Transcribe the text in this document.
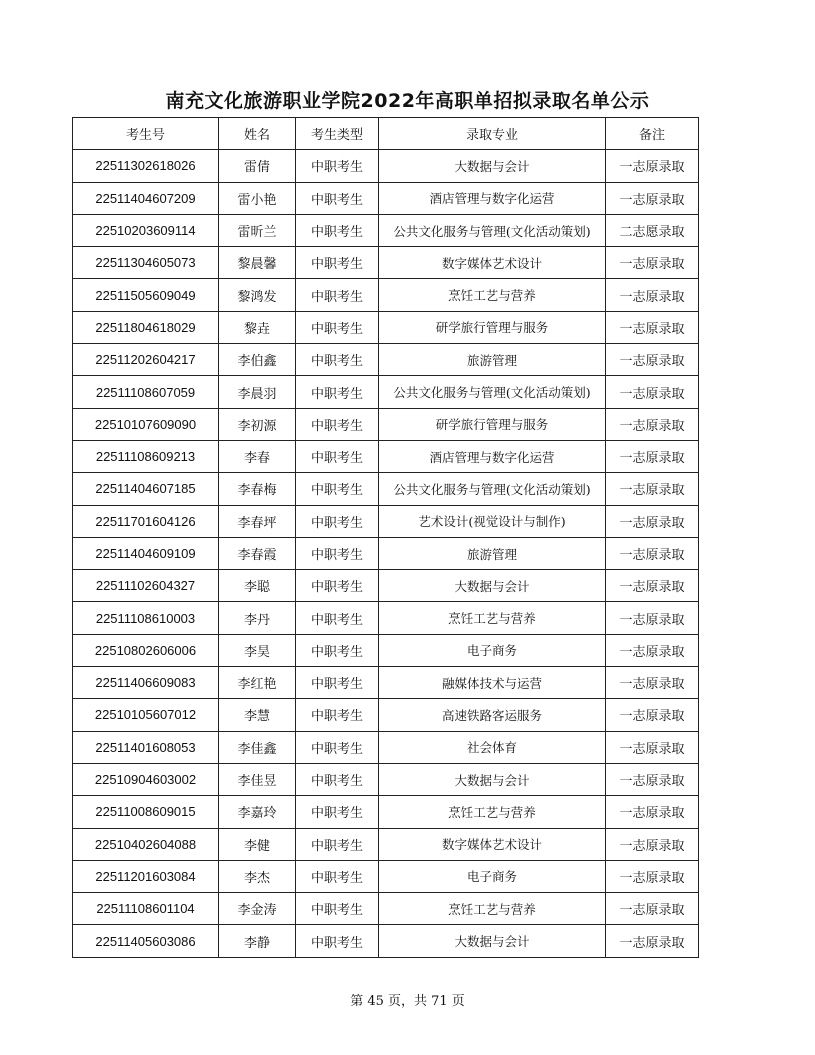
南充文化旅游职业学院2022年高职单招拟录取名单公示
考生号	姓名	考生类型	录取专业	备注
22511302618026	雷倩	中职考生	大数据与会计	一志原录取
22511404607209	雷小艳	中职考生	酒店管理与数字化运营	一志原录取
22510203609114	雷昕兰	中职考生	公共文化服务与管理(文化活动策划)	二志愿录取
22511304605073	黎晨馨	中职考生	数字媒体艺术设计	一志原录取
22511505609049	黎鸿发	中职考生	烹饪工艺与营养	一志原录取
22511804618029	黎垚	中职考生	研学旅行管理与服务	一志原录取
22511202604217	李伯鑫	中职考生	旅游管理	一志原录取
22511108607059	李晨羽	中职考生	公共文化服务与管理(文化活动策划)	一志原录取
22510107609090	李初源	中职考生	研学旅行管理与服务	一志原录取
22511108609213	李春	中职考生	酒店管理与数字化运营	一志原录取
22511404607185	李春梅	中职考生	公共文化服务与管理(文化活动策划)	一志原录取
22511701604126	李春坪	中职考生	艺术设计(视觉设计与制作)	一志原录取
22511404609109	李春霞	中职考生	旅游管理	一志原录取
22511102604327	李聪	中职考生	大数据与会计	一志原录取
22511108610003	李丹	中职考生	烹饪工艺与营养	一志原录取
22510802606006	李昊	中职考生	电子商务	一志原录取
22511406609083	李红艳	中职考生	融媒体技术与运营	一志原录取
22510105607012	李慧	中职考生	高速铁路客运服务	一志原录取
22511401608053	李佳鑫	中职考生	社会体育	一志原录取
22510904603002	李佳昱	中职考生	大数据与会计	一志原录取
22511008609015	李嘉玲	中职考生	烹饪工艺与营养	一志原录取
22510402604088	李健	中职考生	数字媒体艺术设计	一志原录取
22511201603084	李杰	中职考生	电子商务	一志原录取
22511108601104	李金涛	中职考生	烹饪工艺与营养	一志原录取
22511405603086	李静	中职考生	大数据与会计	一志原录取
第 45 页，共 71 页
